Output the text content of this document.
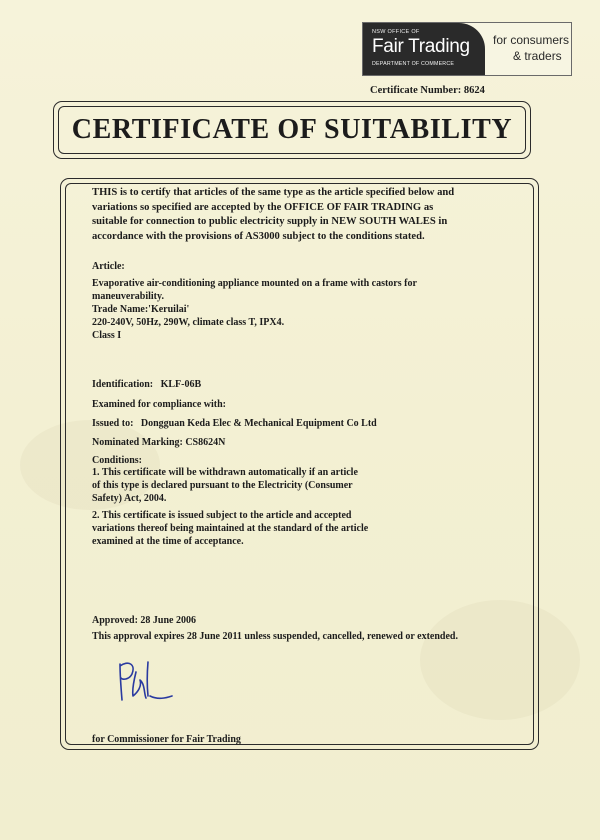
NSW OFFICE OF
Fair Trading
DEPARTMENT OF COMMERCE
for consumers
& traders
Certificate Number: 8624
CERTIFICATE OF SUITABILITY
THIS is to certify that articles of the same type as the article specified below and
variations so specified are accepted by the OFFICE OF FAIR TRADING as
suitable for connection to public electricity supply in NEW SOUTH WALES in
accordance with the provisions of AS3000 subject to the conditions stated.
Article:
Evaporative air-conditioning appliance mounted on a frame with castors for
maneuverability.
Trade Name:'Keruilai'
220-240V, 50Hz, 290W, climate class T, IPX4.
Class I
Identification:   KLF-06B
Examined for compliance with:
Issued to:   Dongguan Keda Elec & Mechanical Equipment Co Ltd
Nominated Marking: CS8624N
Conditions:
1. This certificate will be withdrawn automatically if an article
of this type is declared pursuant to the Electricity (Consumer
Safety) Act, 2004.
2. This certificate is issued subject to the article and accepted
variations thereof being maintained at the standard of the article
examined at the time of acceptance.
Approved: 28 June 2006
This approval expires 28 June 2011 unless suspended, cancelled, renewed or extended.
for Commissioner for Fair Trading
